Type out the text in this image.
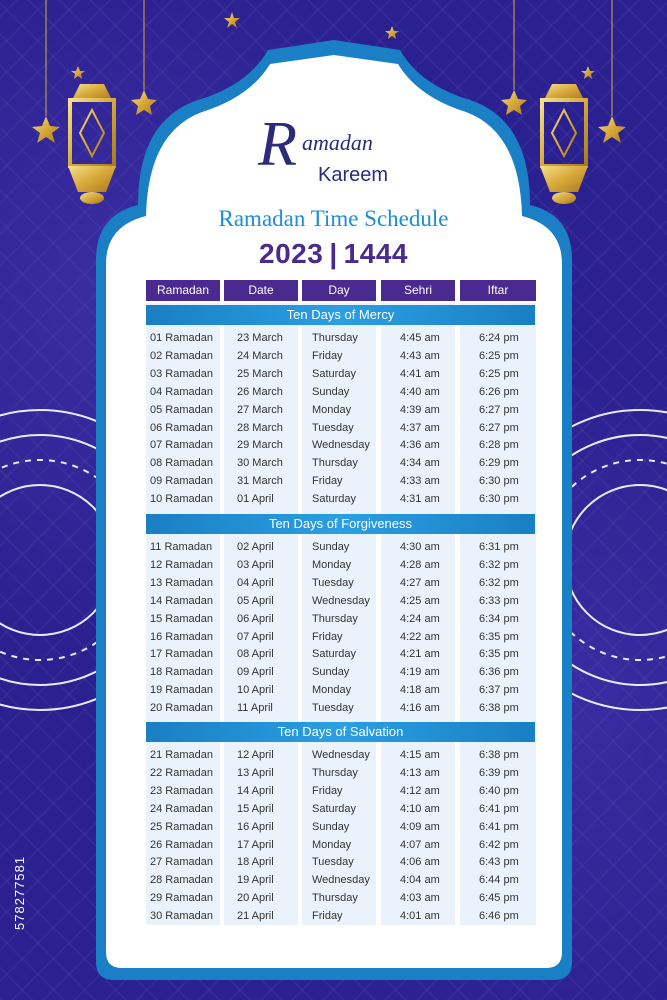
578277581
R amadan
Kareem
Ramadan Time Schedule
2023 | 1444
Ramadan	Date	Day	Sehri	Iftar
Ten Days of Mercy
01 Ramadan 23 March	Thursday	4:45 am	6:24 pm
02 Ramadan 24 March	Friday	4:43 am	6:25 pm
03 Ramadan 25 March	Saturday	4:41 am	6:25 pm
04 Ramadan 26 March	Sunday	4:40 am	6:26 pm
05 Ramadan 27 March	Monday	4:39 am	6:27 pm
06 Ramadan 28 March	Tuesday	4:37 am	6:27 pm
07 Ramadan 29 March	Wednesday	4:36 am	6:28 pm
08 Ramadan 30 March	Thursday	4:34 am	6:29 pm
09 Ramadan 31 March	Friday	4:33 am	6:30 pm
10 Ramadan 01 April	Saturday	4:31 am	6:30 pm
Ten Days of Forgiveness
11 Ramadan 02 April	Sunday	4:30 am	6:31 pm
12 Ramadan 03 April	Monday	4:28 am	6:32 pm
13 Ramadan 04 April	Tuesday	4:27 am	6:32 pm
14 Ramadan 05 April	Wednesday	4:25 am	6:33 pm
15 Ramadan 06 April	Thursday	4:24 am	6:34 pm
16 Ramadan 07 April	Friday	4:22 am	6:35 pm
17 Ramadan 08 April	Saturday	4:21 am	6:35 pm
18 Ramadan 09 April	Sunday	4:19 am	6:36 pm
19 Ramadan 10 April	Monday	4:18 am	6:37 pm
20 Ramadan 11 April	Tuesday	4:16 am	6:38 pm
Ten Days of Salvation
21 Ramadan 12 April	Wednesday	4:15 am	6:38 pm
22 Ramadan 13 April	Thursday	4:13 am	6:39 pm
23 Ramadan 14 April	Friday	4:12 am	6:40 pm
24 Ramadan 15 April	Saturday	4:10 am	6:41 pm
25 Ramadan 16 April	Sunday	4:09 am	6:41 pm
26 Ramadan 17 April	Monday	4:07 am	6:42 pm
27 Ramadan 18 April	Tuesday	4:06 am	6:43 pm
28 Ramadan 19 April	Wednesday	4:04 am	6:44 pm
29 Ramadan 20 April	Thursday	4:03 am	6:45 pm
30 Ramadan 21 April	Friday	4:01 am	6:46 pm
